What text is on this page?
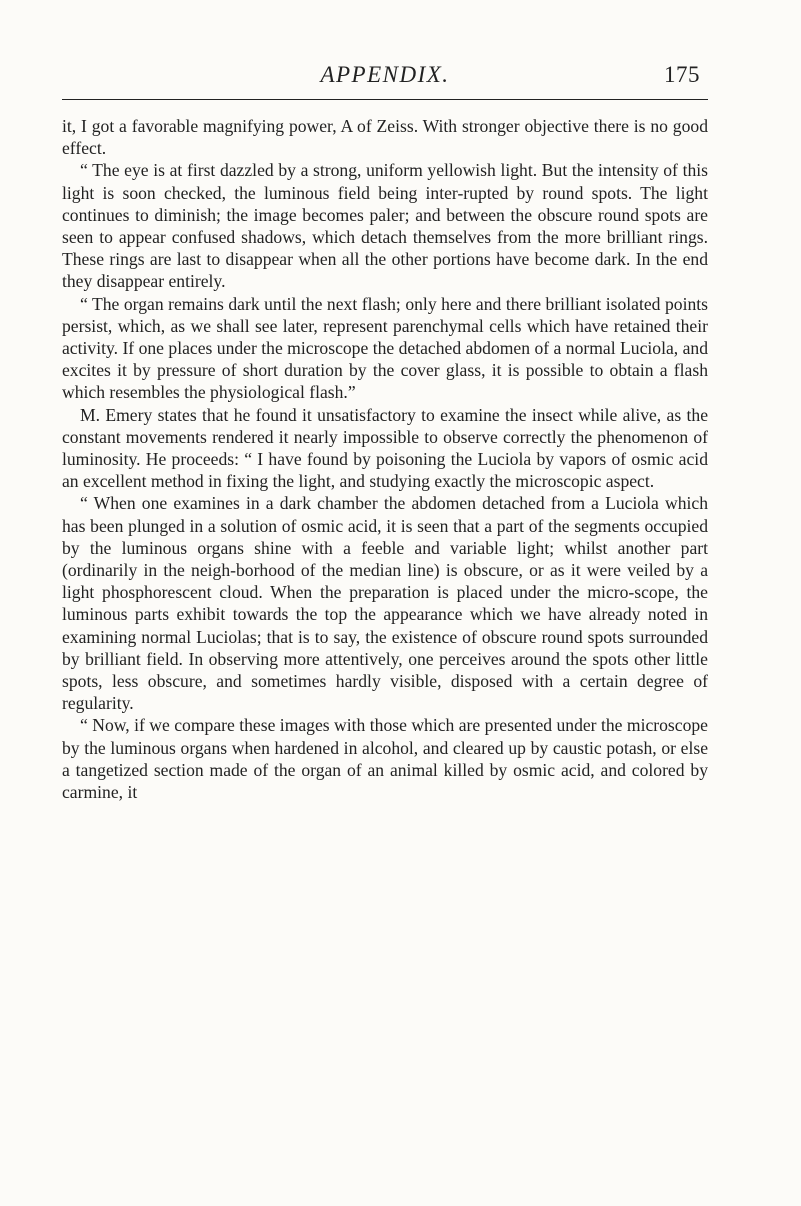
APPENDIX.	175

it, I got a favorable magnifying power, A of Zeiss. With stronger objective there is no good effect.

“ The eye is at first dazzled by a strong, uniform yellowish light. But the intensity of this light is soon checked, the luminous field being inter-rupted by round spots. The light continues to diminish; the image becomes paler; and between the obscure round spots are seen to appear confused shadows, which detach themselves from the more brilliant rings. These rings are last to disappear when all the other portions have become dark. In the end they disappear entirely.

“ The organ remains dark until the next flash; only here and there brilliant isolated points persist, which, as we shall see later, represent parenchymal cells which have retained their activity. If one places under the microscope the detached abdomen of a normal Luciola, and excites it by pressure of short duration by the cover glass, it is possible to obtain a flash which resembles the physiological flash.”

M. Emery states that he found it unsatisfactory to examine the insect while alive, as the constant movements rendered it nearly impossible to observe correctly the phenomenon of luminosity. He proceeds: “ I have found by poisoning the Luciola by vapors of osmic acid an excellent method in fixing the light, and studying exactly the microscopic aspect.

“ When one examines in a dark chamber the abdomen detached from a Luciola which has been plunged in a solution of osmic acid, it is seen that a part of the segments occupied by the luminous organs shine with a feeble and variable light; whilst another part (ordinarily in the neigh-borhood of the median line) is obscure, or as it were veiled by a light phosphorescent cloud. When the preparation is placed under the micro-scope, the luminous parts exhibit towards the top the appearance which we have already noted in examining normal Luciolas; that is to say, the existence of obscure round spots surrounded by brilliant field. In observing more attentively, one perceives around the spots other little spots, less obscure, and sometimes hardly visible, disposed with a certain degree of regularity.

“ Now, if we compare these images with those which are presented under the microscope by the luminous organs when hardened in alcohol, and cleared up by caustic potash, or else a tangetized section made of the organ of an animal killed by osmic acid, and colored by carmine, it
